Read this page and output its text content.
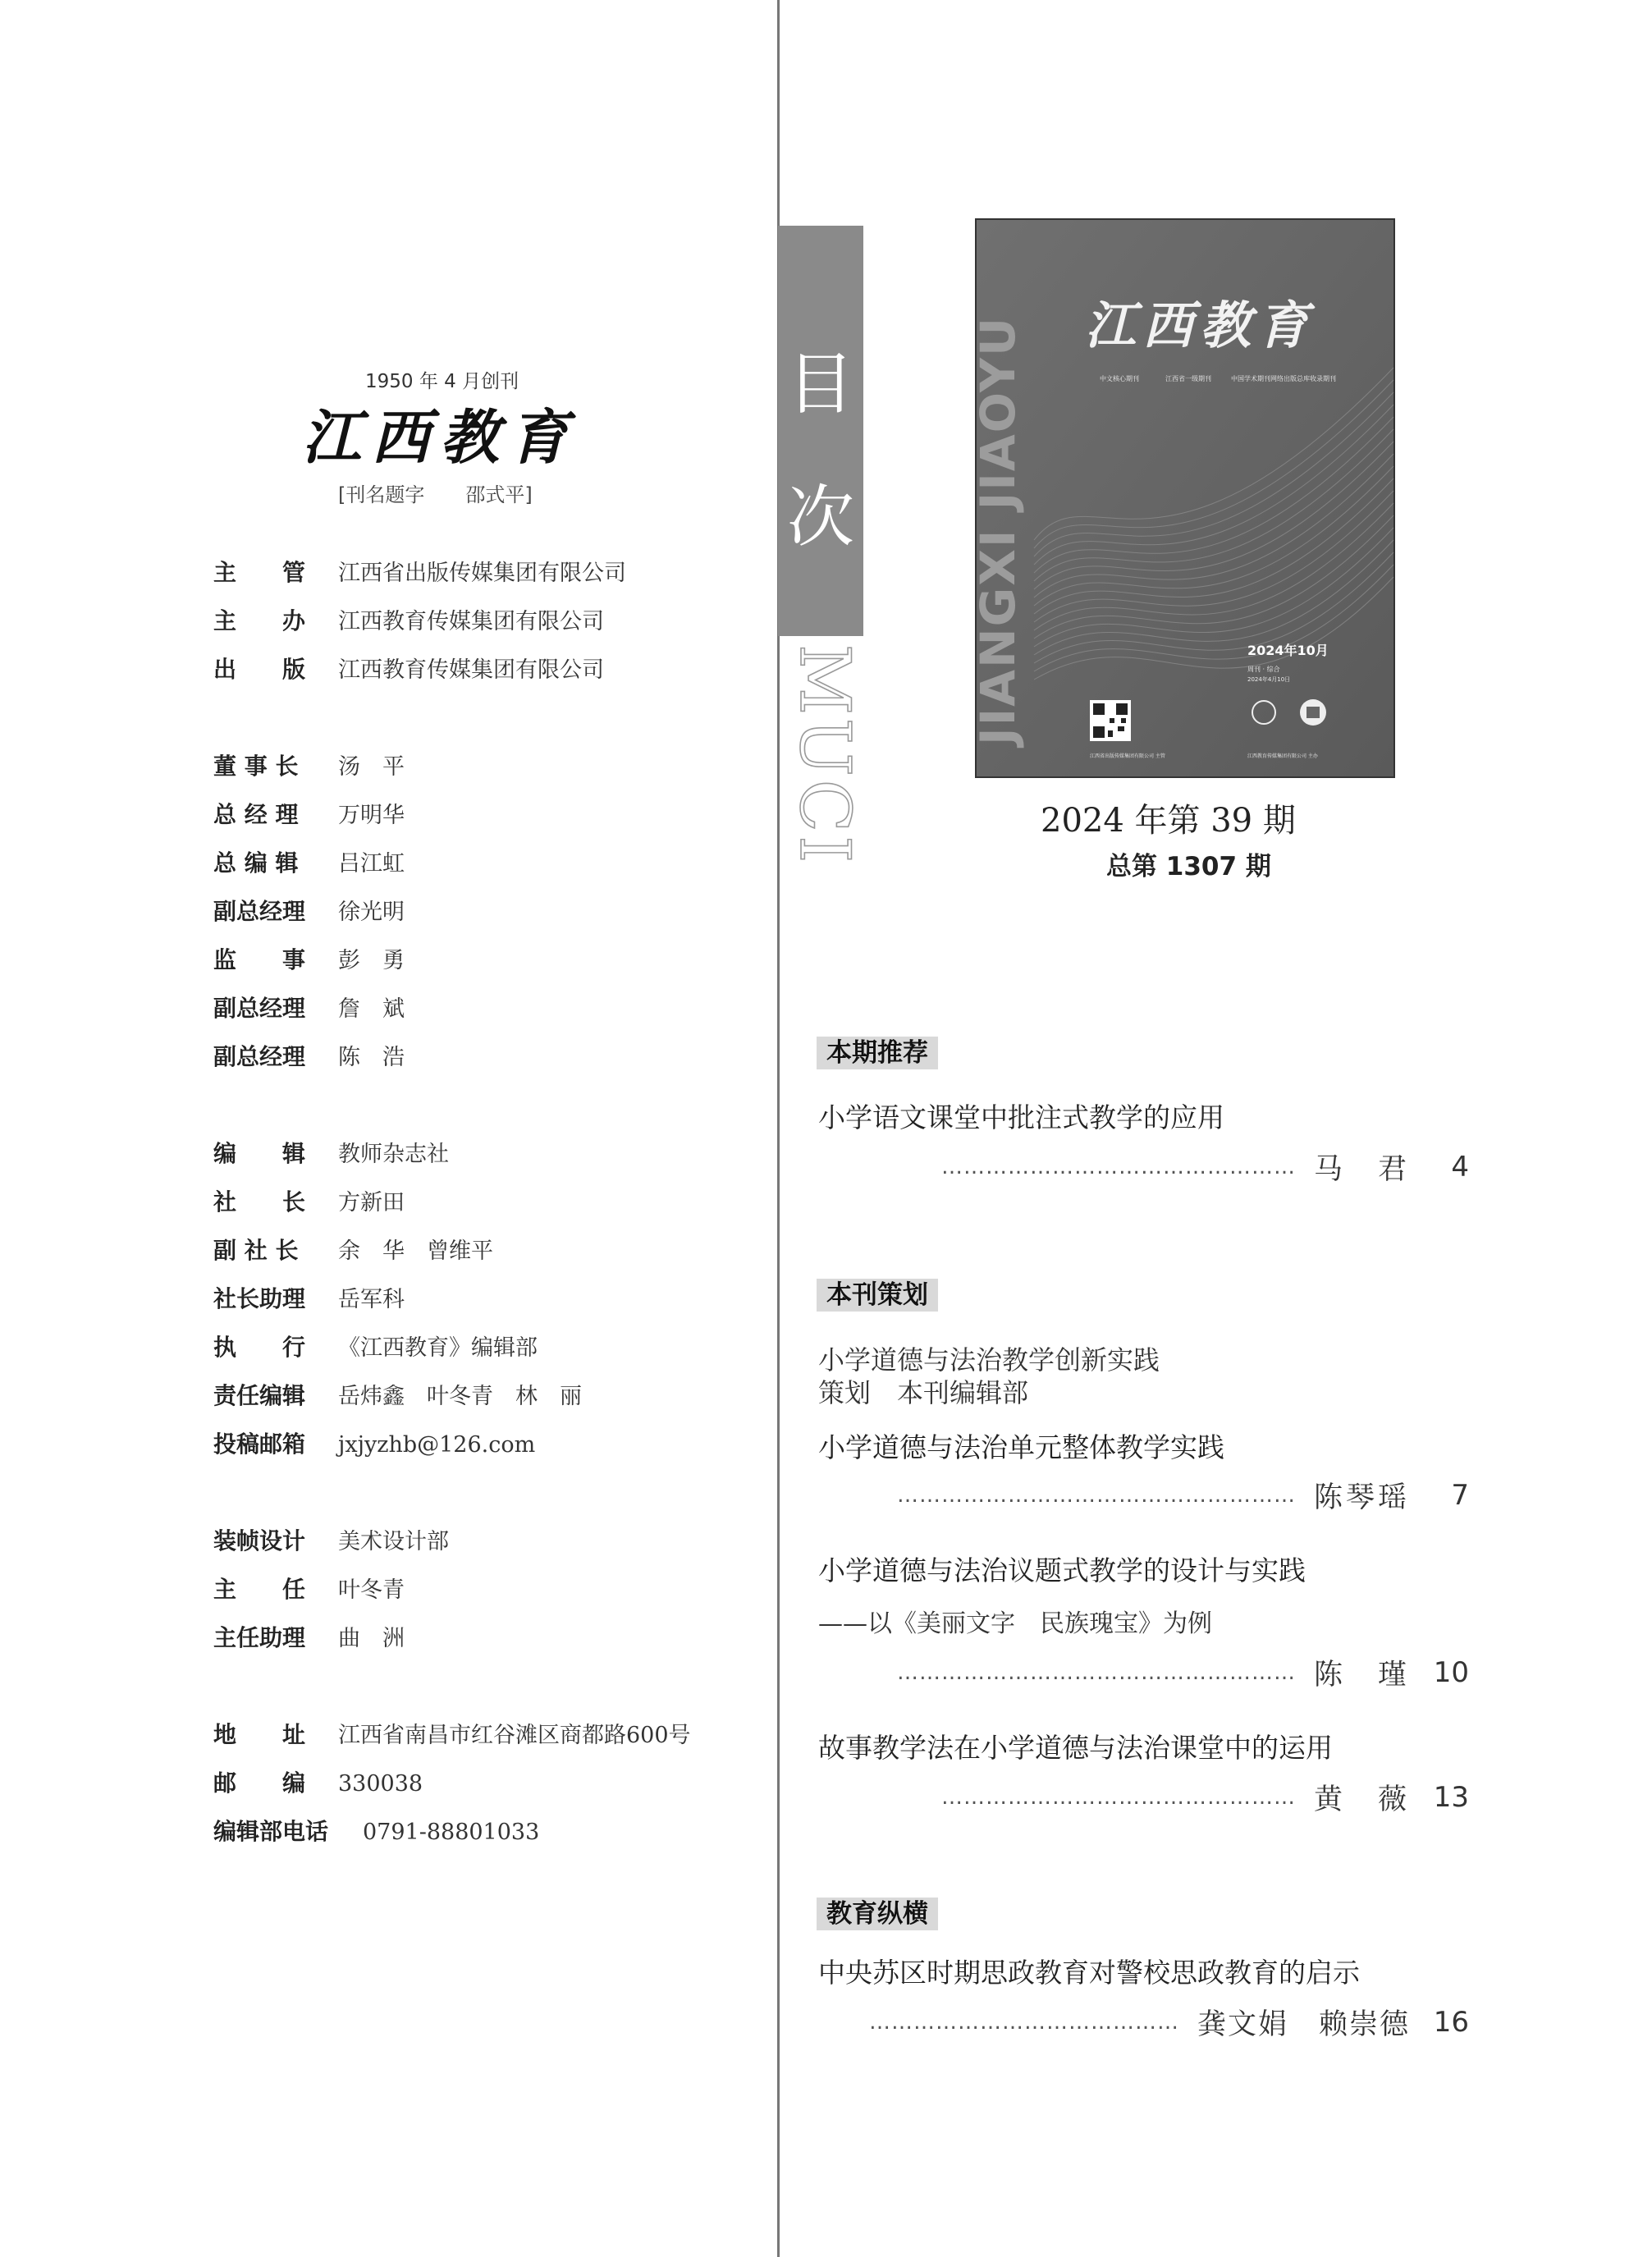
1950 年 4 月创刊
江西教育
[刊名题字 邵式平]
主　　管	江西省出版传媒集团有限公司
主　　办	江西教育传媒集团有限公司
出　　版	江西教育传媒集团有限公司
董 事 长	汤　平
总 经 理	万明华
总 编 辑	吕江虹
副总经理	徐光明
监　　事	彭　勇
副总经理	詹　斌
副总经理	陈　浩
编　　辑	教师杂志社
社　　长	方新田
副 社 长	余　华　曾维平
社长助理	岳军科
执　　行	《江西教育》编辑部
责任编辑	岳炜鑫　叶冬青　林　丽
投稿邮箱	jxjyzhb@126.com
装帧设计	美术设计部
主　　任	叶冬青
主任助理	曲　洲
地　　址	江西省南昌市红谷滩区商都路600号
邮　　编	330038
编辑部电话	0791-88801033
目
次
MUCI
JIANGXI JIAOYU 江西教育
中文核心期刊	江西省一级期刊	中国学术期刊网络出版总库收录期刊
2024年10月
周刊 · 综合
2024年4月10日
江西省出版传媒集团有限公司 主管	江西教育传媒集团有限公司 主办
2024 年第 39 期
总第 1307 期
本期推荐
小学语文课堂中批注式教学的应用
………………………………………… 马　君	4
本刊策划
小学道德与法治教学创新实践
策划　本刊编辑部
小学道德与法治单元整体教学实践
……………………………………………… 陈琴瑶	7
小学道德与法治议题式教学的设计与实践
——以《美丽文字　民族瑰宝》为例
……………………………………………… 陈　瑾 10
故事教学法在小学道德与法治课堂中的运用
………………………………………… 黄　薇 13
教育纵横
中央苏区时期思政教育对警校思政教育的启示
…………………………………… 龚文娟　赖崇德 16
